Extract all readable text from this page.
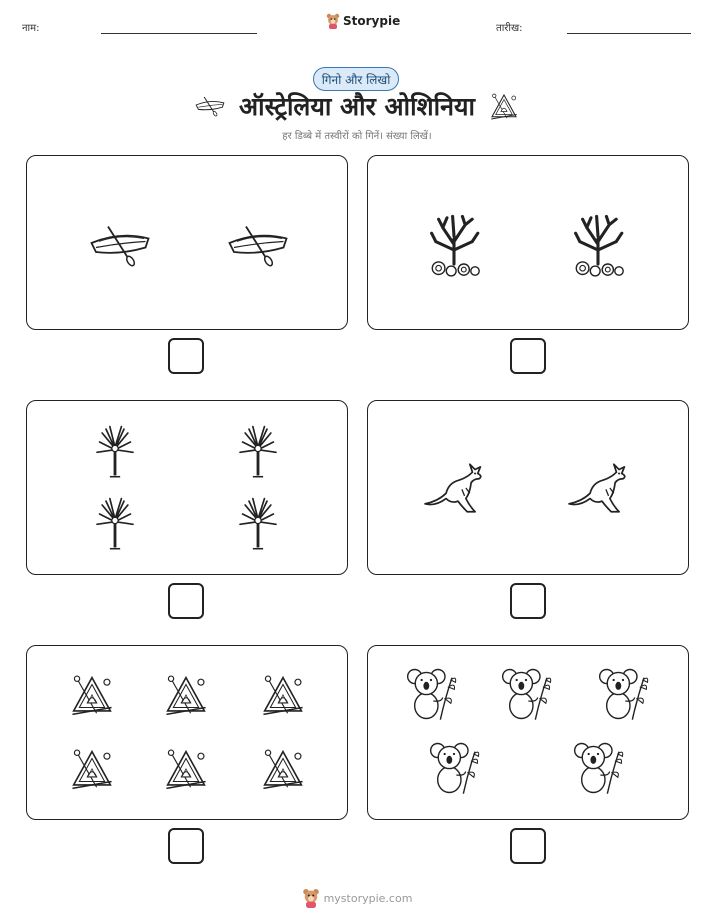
नाम:
Storypie
तारीख:
गिनो और लिखो
ऑस्ट्रेलिया और ओशिनिया
हर डिब्बे में तस्वीरों को गिनें। संख्या लिखें।
mystorypie.com
